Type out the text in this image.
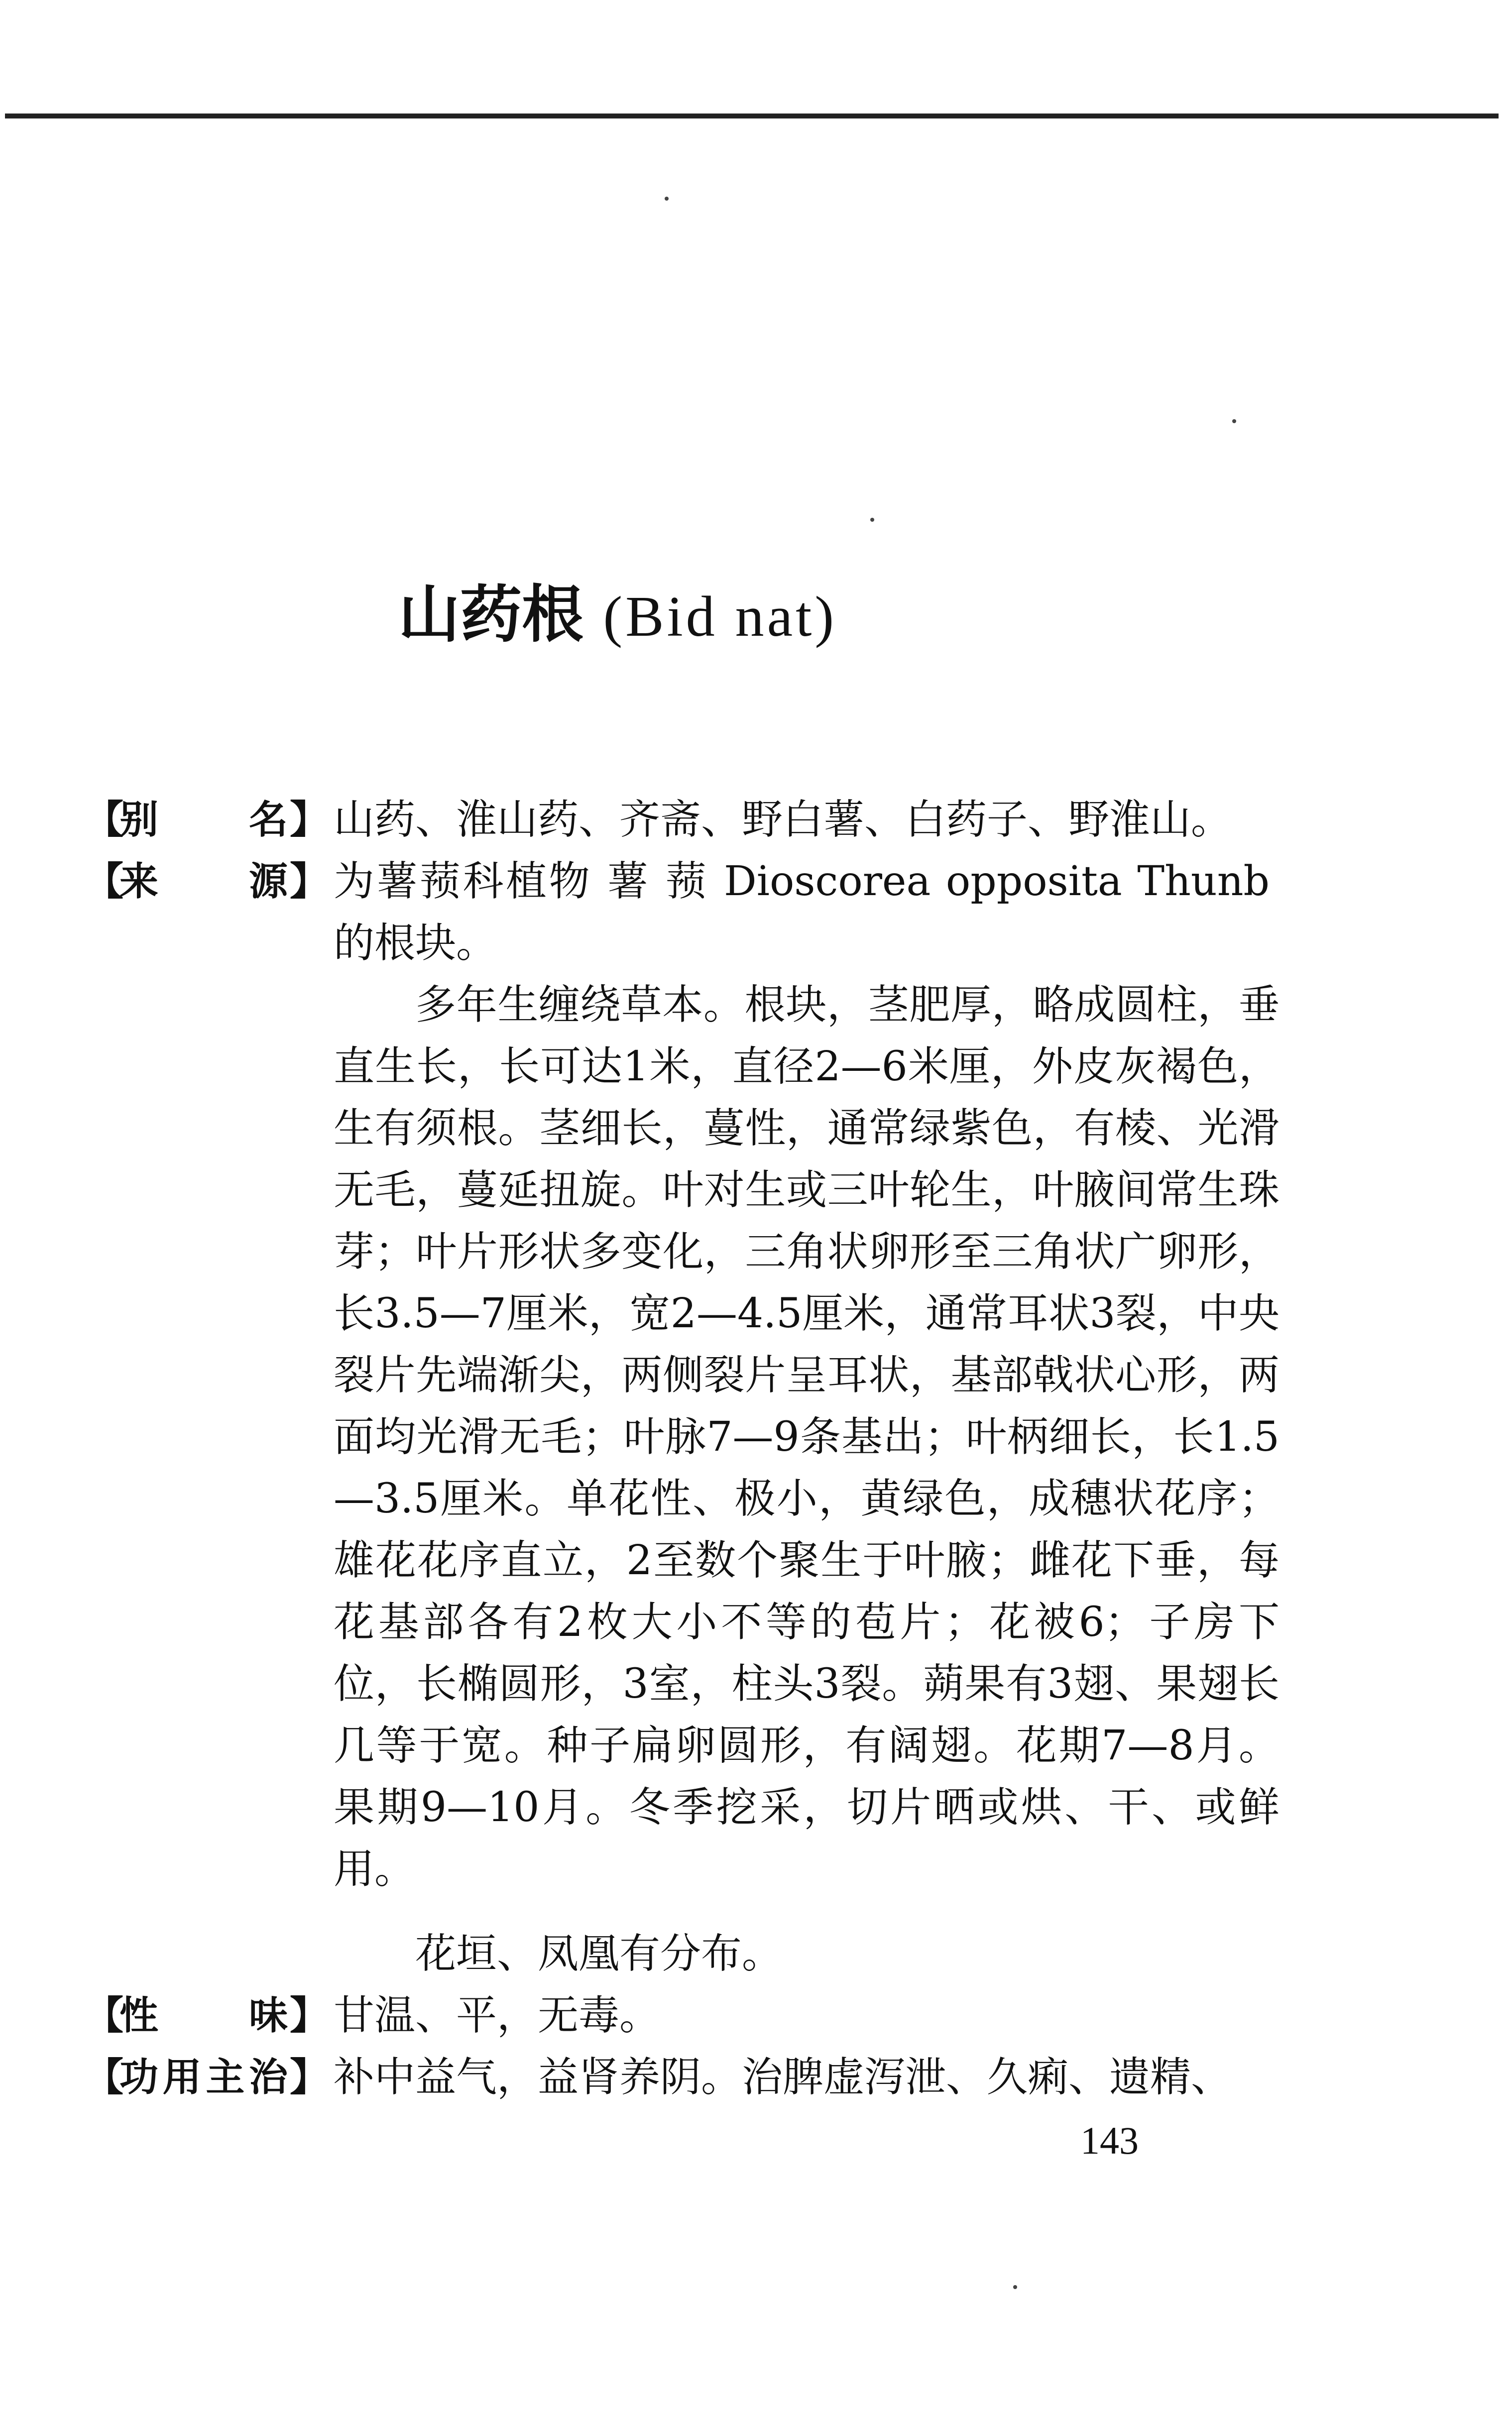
山药根 (Bid nat)
【
别 名 】 山药、淮山药、齐斋、野白薯、白药子、野淮山。
【
来 源 】 为薯蓣科植物 薯 蓣 Dioscorea opposita Thunb 的根块。
多年生缠绕草本。根块，茎肥厚，略成圆柱，垂直生长，长可达1米，直径2—6米厘，外皮灰褐色，生有须根。茎细长，蔓性，通常绿紫色，有棱、光滑无毛，蔓延扭旋。叶对生或三叶轮生，叶腋间常生珠芽；叶片形状多变化，三角状卵形至三角状广卵形，长3.5—7厘米，宽2—4.5厘米，通常耳状3裂，中央裂片先端渐尖，两侧裂片呈耳状，基部戟状心形，两面均光滑无毛；叶脉7—9条基出；叶柄细长，长1.5—3.5厘米。单花性、极小，黄绿色，成穗状花序；雄花花序直立，2至数个聚生于叶腋；雌花下垂，每花基部各有2枚大小不等的苞片；花被6；子房下位，长椭圆形，3室，柱头3裂。蒴果有3翅、果翅长几等于宽。种子扁卵圆形，有阔翅。花期7—8月。果期9—10月。冬季挖采，切片晒或烘、干、或鲜用。
花垣、凤凰有分布。
【
性 味 】 甘温、平，无毒。
【
功用主治 】 补中益气，益肾养阴。治脾虚泻泄、久痢、遗精、
143
